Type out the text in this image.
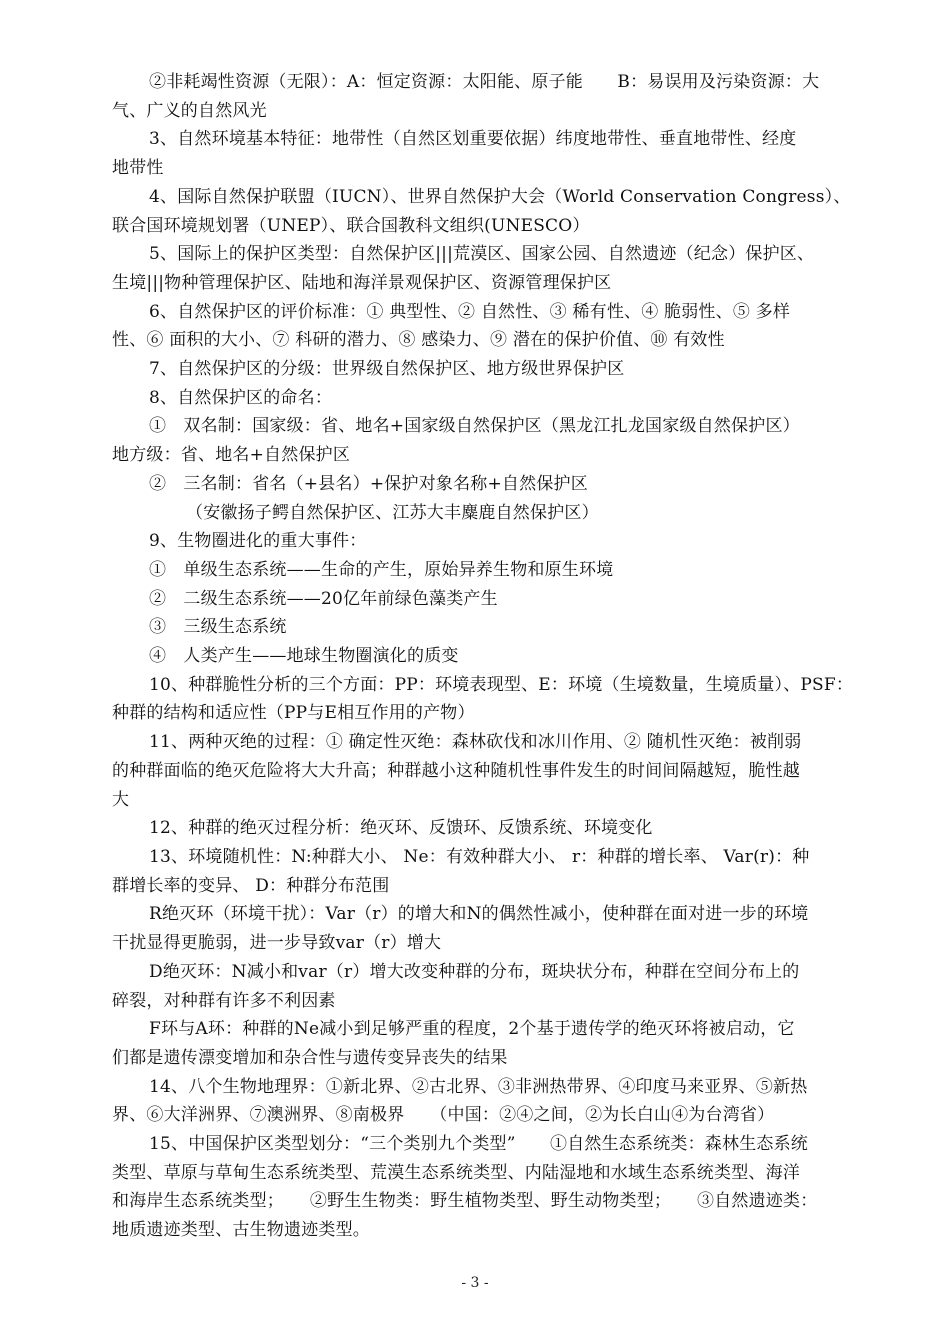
②非耗竭性资源（无限）：A：恒定资源：太阳能、原子能　　B：易误用及污染资源：大
气、广义的自然风光
3、自然环境基本特征：地带性（自然区划重要依据）纬度地带性、垂直地带性、经度
地带性
4、国际自然保护联盟（IUCN）、世界自然保护大会（World Conservation Congress）、
联合国环境规划署（UNEP）、联合国教科文组织(UNESCO）
5、国际上的保护区类型：自然保护区|||荒漠区、国家公园、自然遗迹（纪念）保护区、
生境|||物种管理保护区、陆地和海洋景观保护区、资源管理保护区
6、自然保护区的评价标准：① 典型性、② 自然性、③ 稀有性、④ 脆弱性、⑤ 多样
性、⑥ 面积的大小、⑦ 科研的潜力、⑧ 感染力、⑨ 潜在的保护价值、⑩ 有效性
7、自然保护区的分级：世界级自然保护区、地方级世界保护区
8、自然保护区的命名：
①　双名制：国家级：省、地名+国家级自然保护区（黑龙江扎龙国家级自然保护区）
地方级：省、地名+自然保护区
②　三名制：省名（+县名）+保护对象名称+自然保护区
（安徽扬子鳄自然保护区、江苏大丰麋鹿自然保护区）
9、生物圈进化的重大事件：
①　单级生态系统——生命的产生，原始异养生物和原生环境
②　二级生态系统——20亿年前绿色藻类产生
③　三级生态系统
④　人类产生——地球生物圈演化的质变
10、种群脆性分析的三个方面：PP：环境表现型、E：环境（生境数量，生境质量）、PSF：
种群的结构和适应性（PP与E相互作用的产物）
11、两种灭绝的过程：① 确定性灭绝：森林砍伐和冰川作用、② 随机性灭绝：被削弱
的种群面临的绝灭危险将大大升高；种群越小这种随机性事件发生的时间间隔越短，脆性越
大
12、种群的绝灭过程分析：绝灭环、反馈环、反馈系统、环境变化
13、环境随机性：N:种群大小、 Ne：有效种群大小、 r：种群的增长率、 Var(r)：种
群增长率的变异、 D：种群分布范围
R绝灭环（环境干扰）：Var（r）的增大和N的偶然性减小，使种群在面对进一步的环境
干扰显得更脆弱，进一步导致var（r）增大
D绝灭环：N减小和var（r）增大改变种群的分布，斑块状分布，种群在空间分布上的
碎裂，对种群有许多不利因素
F环与A环：种群的Ne减小到足够严重的程度，2个基于遗传学的绝灭环将被启动，它
们都是遗传漂变增加和杂合性与遗传变异丧失的结果
14、八个生物地理界：①新北界、②古北界、③非洲热带界、④印度马来亚界、⑤新热
界、⑥大洋洲界、⑦澳洲界、⑧南极界　　（中国：②④之间，②为长白山④为台湾省）
15、中国保护区类型划分：“三个类别九个类型”　　①自然生态系统类：森林生态系统
类型、草原与草甸生态系统类型、荒漠生态系统类型、内陆湿地和水域生态系统类型、海洋
和海岸生态系统类型；　　②野生生物类：野生植物类型、野生动物类型；　　③自然遗迹类：
地质遗迹类型、古生物遗迹类型。
- 3 -
